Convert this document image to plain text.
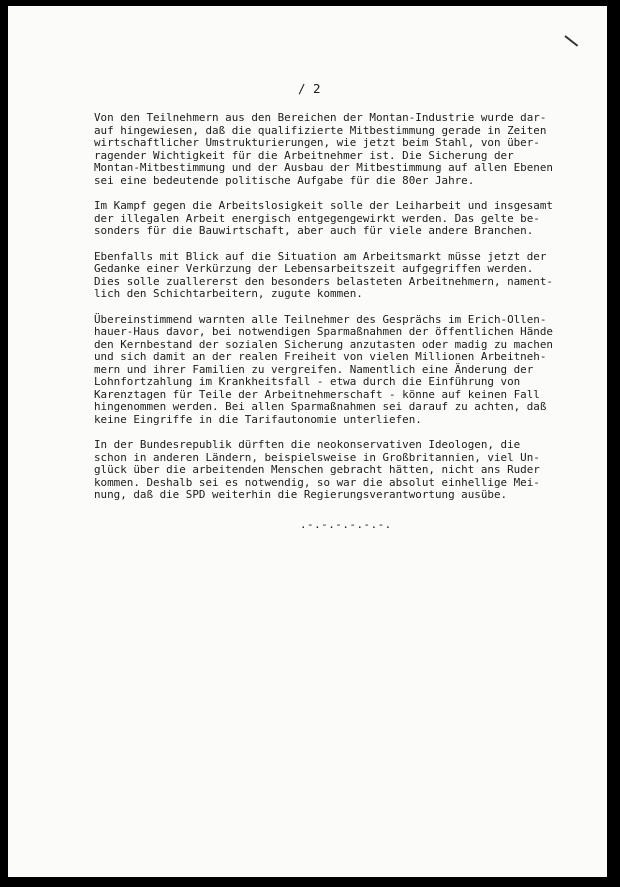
/ 2

Von den Teilnehmern aus den Bereichen der Montan-Industrie wurde dar-
auf hingewiesen, daß die qualifizierte Mitbestimmung gerade in Zeiten
wirtschaftlicher Umstrukturierungen, wie jetzt beim Stahl, von über-
ragender Wichtigkeit für die Arbeitnehmer ist. Die Sicherung der
Montan-Mitbestimmung und der Ausbau der Mitbestimmung auf allen Ebenen
sei eine bedeutende politische Aufgabe für die 80er Jahre.

Im Kampf gegen die Arbeitslosigkeit solle der Leiharbeit und insgesamt
der illegalen Arbeit energisch entgegengewirkt werden. Das gelte be-
sonders für die Bauwirtschaft, aber auch für viele andere Branchen.

Ebenfalls mit Blick auf die Situation am Arbeitsmarkt müsse jetzt der
Gedanke einer Verkürzung der Lebensarbeitszeit aufgegriffen werden.
Dies solle zuallererst den besonders belasteten Arbeitnehmern, nament-
lich den Schichtarbeitern, zugute kommen.

Übereinstimmend warnten alle Teilnehmer des Gesprächs im Erich-Ollen-
hauer-Haus davor, bei notwendigen Sparmaßnahmen der öffentlichen Hände
den Kernbestand der sozialen Sicherung anzutasten oder madig zu machen
und sich damit an der realen Freiheit von vielen Millionen Arbeitneh-
mern und ihrer Familien zu vergreifen. Namentlich eine Änderung der
Lohnfortzahlung im Krankheitsfall - etwa durch die Einführung von
Karenztagen für Teile der Arbeitnehmerschaft - könne auf keinen Fall
hingenommen werden. Bei allen Sparmaßnahmen sei darauf zu achten, daß
keine Eingriffe in die Tarifautonomie unterliefen.

In der Bundesrepublik dürften die neokonservativen Ideologen, die
schon in anderen Ländern, beispielsweise in Großbritannien, viel Un-
glück über die arbeitenden Menschen gebracht hätten, nicht ans Ruder
kommen. Deshalb sei es notwendig, so war die absolut einhellige Mei-
nung, daß die SPD weiterhin die Regierungsverantwortung ausübe.

.-.-.-.-.-.-.
